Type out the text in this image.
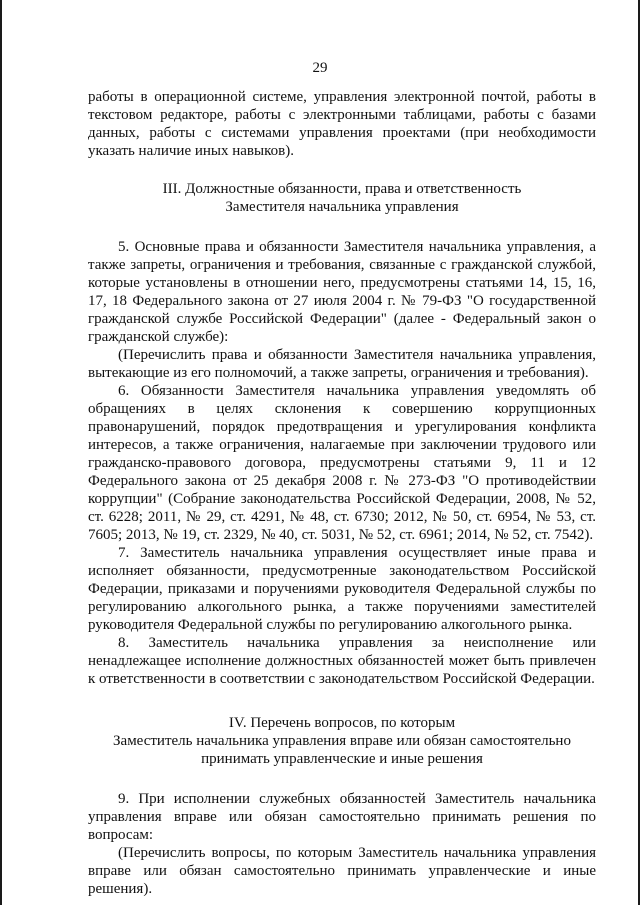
29

работы в операционной системе, управления электронной почтой, работы в текстовом редакторе, работы с электронными таблицами, работы с базами данных, работы с системами управления проектами (при необходимости указать наличие иных навыков).

III. Должностные обязанности, права и ответственность
Заместителя начальника управления

5. Основные права и обязанности Заместителя начальника управления, а также запреты, ограничения и требования, связанные с гражданской службой, которые установлены в отношении него, предусмотрены статьями 14, 15, 16, 17, 18 Федерального закона от 27 июля 2004 г. № 79-ФЗ "О государственной гражданской службе Российской Федерации" (далее - Федеральный закон о гражданской службе):

(Перечислить права и обязанности Заместителя начальника управления, вытекающие из его полномочий, а также запреты, ограничения и требования).

6. Обязанности Заместителя начальника управления уведомлять об обращениях в целях склонения к совершению коррупционных правонарушений, порядок предотвращения и урегулирования конфликта интересов, а также ограничения, налагаемые при заключении трудового или гражданско-правового договора, предусмотрены статьями 9, 11 и 12 Федерального закона от 25 декабря 2008 г. № 273-ФЗ "О противодействии коррупции" (Собрание законодательства Российской Федерации, 2008, № 52, ст. 6228; 2011, № 29, ст. 4291, № 48, ст. 6730; 2012, № 50, ст. 6954, № 53, ст. 7605; 2013, № 19, ст. 2329, № 40, ст. 5031, № 52, ст. 6961; 2014, № 52, ст. 7542).

7. Заместитель начальника управления осуществляет иные права и исполняет обязанности, предусмотренные законодательством Российской Федерации, приказами и поручениями руководителя Федеральной службы по регулированию алкогольного рынка, а также поручениями заместителей руководителя Федеральной службы по регулированию алкогольного рынка.

8. Заместитель начальника управления за неисполнение или ненадлежащее исполнение должностных обязанностей может быть привлечен к ответственности в соответствии с законодательством Российской Федерации.

IV. Перечень вопросов, по которым
Заместитель начальника управления вправе или обязан самостоятельно
принимать управленческие и иные решения

9. При исполнении служебных обязанностей Заместитель начальника управления вправе или обязан самостоятельно принимать решения по вопросам:

(Перечислить вопросы, по которым Заместитель начальника управления вправе или обязан самостоятельно принимать управленческие и иные решения).
